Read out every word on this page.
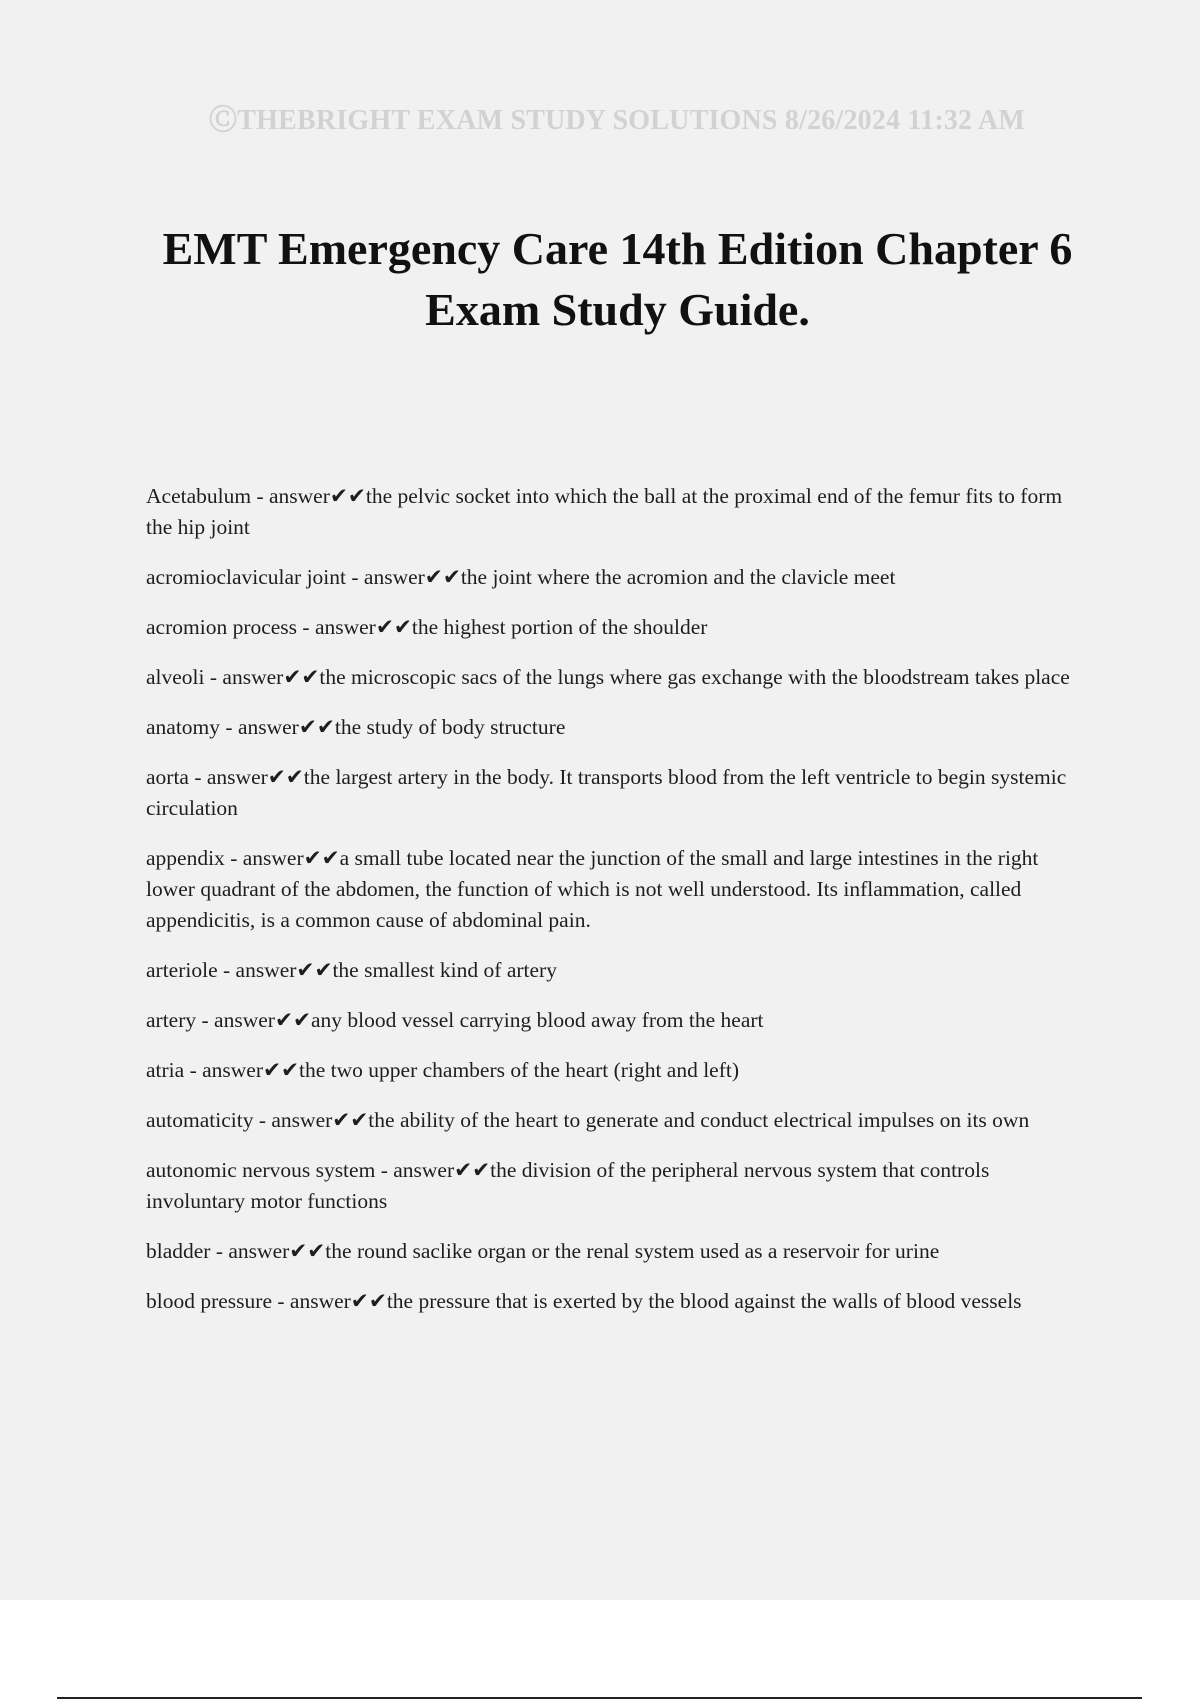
ⒸTHEBRIGHT EXAM STUDY SOLUTIONS 8/26/2024 11:32 AM
EMT Emergency Care 14th Edition Chapter 6 Exam Study Guide.

Acetabulum - answer✔✔the pelvic socket into which the ball at the proximal end of the femur fits to form the hip joint

acromioclavicular joint - answer✔✔the joint where the acromion and the clavicle meet

acromion process - answer✔✔the highest portion of the shoulder

alveoli - answer✔✔the microscopic sacs of the lungs where gas exchange with the bloodstream takes place

anatomy - answer✔✔the study of body structure

aorta - answer✔✔the largest artery in the body. It transports blood from the left ventricle to begin systemic circulation

appendix - answer✔✔a small tube located near the junction of the small and large intestines in the right lower quadrant of the abdomen, the function of which is not well understood. Its inflammation, called appendicitis, is a common cause of abdominal pain.

arteriole - answer✔✔the smallest kind of artery

artery - answer✔✔any blood vessel carrying blood away from the heart

atria - answer✔✔the two upper chambers of the heart (right and left)

automaticity - answer✔✔the ability of the heart to generate and conduct electrical impulses on its own

autonomic nervous system - answer✔✔the division of the peripheral nervous system that controls involuntary motor functions

bladder - answer✔✔the round saclike organ or the renal system used as a reservoir for urine

blood pressure - answer✔✔the pressure that is exerted by the blood against the walls of blood vessels
